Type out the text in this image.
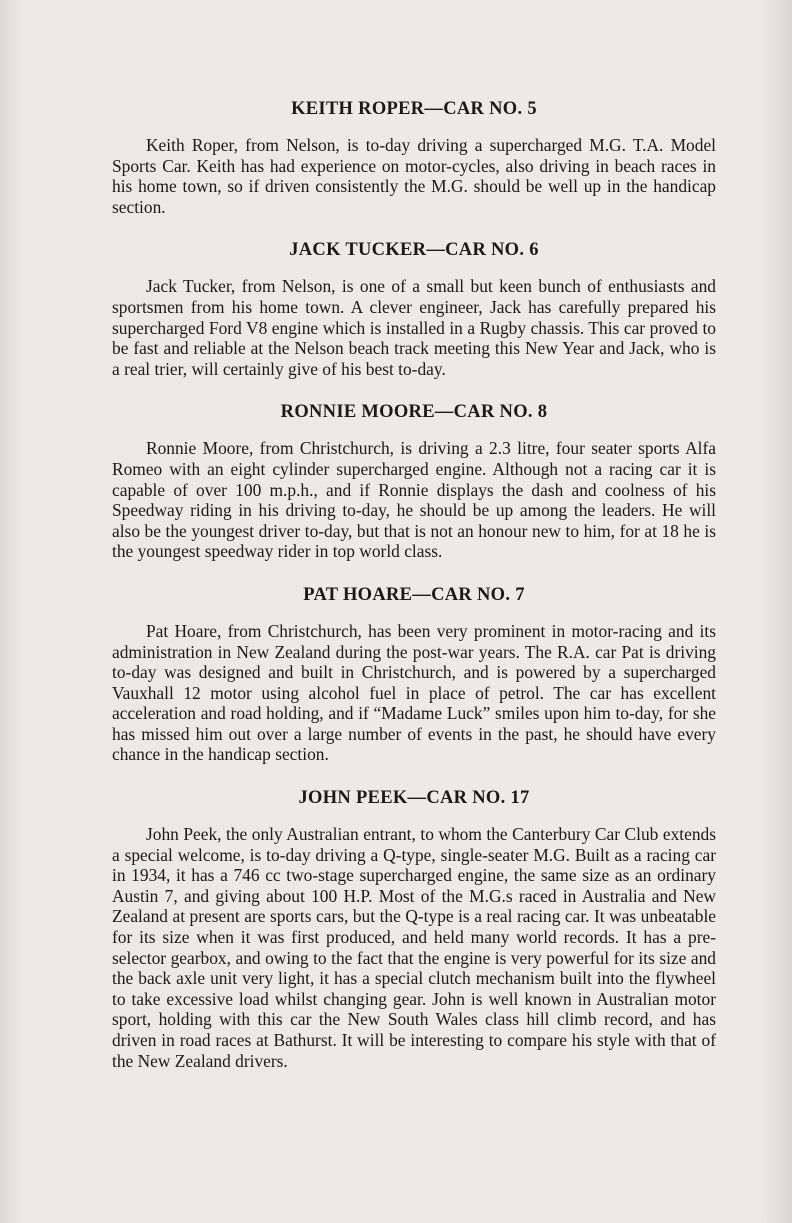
KEITH ROPER—CAR NO. 5

Keith Roper, from Nelson, is to-day driving a supercharged M.G. T.A. Model Sports Car. Keith has had experience on motor-cycles, also driving in beach races in his home town, so if driven consistently the M.G. should be well up in the handicap section.

JACK TUCKER—CAR NO. 6

Jack Tucker, from Nelson, is one of a small but keen bunch of enthusiasts and sportsmen from his home town. A clever engineer, Jack has carefully prepared his supercharged Ford V8 engine which is installed in a Rugby chassis. This car proved to be fast and reliable at the Nelson beach track meeting this New Year and Jack, who is a real trier, will certainly give of his best to-day.

RONNIE MOORE—CAR NO. 8

Ronnie Moore, from Christchurch, is driving a 2.3 litre, four seater sports Alfa Romeo with an eight cylinder supercharged engine. Although not a racing car it is capable of over 100 m.p.h., and if Ronnie displays the dash and coolness of his Speedway riding in his driving to-day, he should be up among the leaders. He will also be the youngest driver to-day, but that is not an honour new to him, for at 18 he is the youngest speedway rider in top world class.

PAT HOARE—CAR NO. 7

Pat Hoare, from Christchurch, has been very prominent in motor-racing and its administration in New Zealand during the post-war years. The R.A. car Pat is driving to-day was designed and built in Christchurch, and is powered by a supercharged Vauxhall 12 motor using alcohol fuel in place of petrol. The car has excellent acceleration and road holding, and if “Madame Luck” smiles upon him to-day, for she has missed him out over a large number of events in the past, he should have every chance in the handicap section.

JOHN PEEK—CAR NO. 17

John Peek, the only Australian entrant, to whom the Canterbury Car Club extends a special welcome, is to-day driving a Q-type, single-seater M.G. Built as a racing car in 1934, it has a 746 cc two-stage supercharged engine, the same size as an ordinary Austin 7, and giving about 100 H.P. Most of the M.G.s raced in Australia and New Zealand at present are sports cars, but the Q-type is a real racing car. It was unbeatable for its size when it was first produced, and held many world records. It has a pre-selector gearbox, and owing to the fact that the engine is very powerful for its size and the back axle unit very light, it has a special clutch mechanism built into the flywheel to take excessive load whilst changing gear. John is well known in Australian motor sport, holding with this car the New South Wales class hill climb record, and has driven in road races at Bathurst. It will be interesting to compare his style with that of the New Zealand drivers.
